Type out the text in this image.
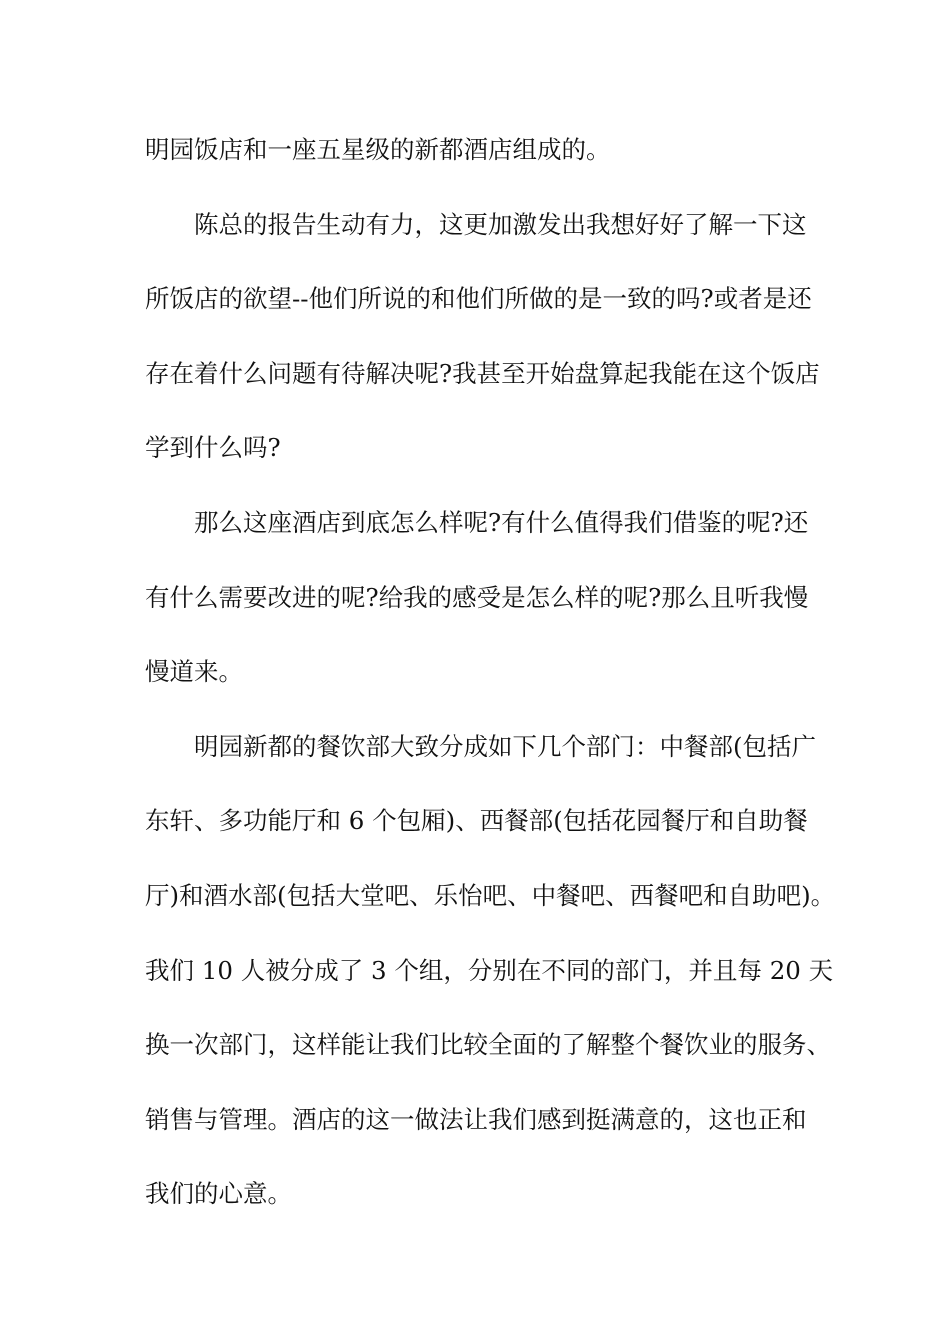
明园饭店和一座五星级的新都酒店组成的。
陈总的报告生动有力，这更加激发出我想好好了解一下这
所饭店的欲望--他们所说的和他们所做的是一致的吗?或者是还
存在着什么问题有待解决呢?我甚至开始盘算起我能在这个饭店
学到什么吗?
那么这座酒店到底怎么样呢?有什么值得我们借鉴的呢?还
有什么需要改进的呢?给我的感受是怎么样的呢?那么且听我慢
慢道来。
明园新都的餐饮部大致分成如下几个部门：中餐部(包括广
东轩、多功能厅和 6 个包厢)、西餐部(包括花园餐厅和自助餐
厅)和酒水部(包括大堂吧、乐怡吧、中餐吧、西餐吧和自助吧)。
我们 10 人被分成了 3 个组，分别在不同的部门，并且每 20 天
换一次部门，这样能让我们比较全面的了解整个餐饮业的服务、
销售与管理。酒店的这一做法让我们感到挺满意的，这也正和
我们的心意。
